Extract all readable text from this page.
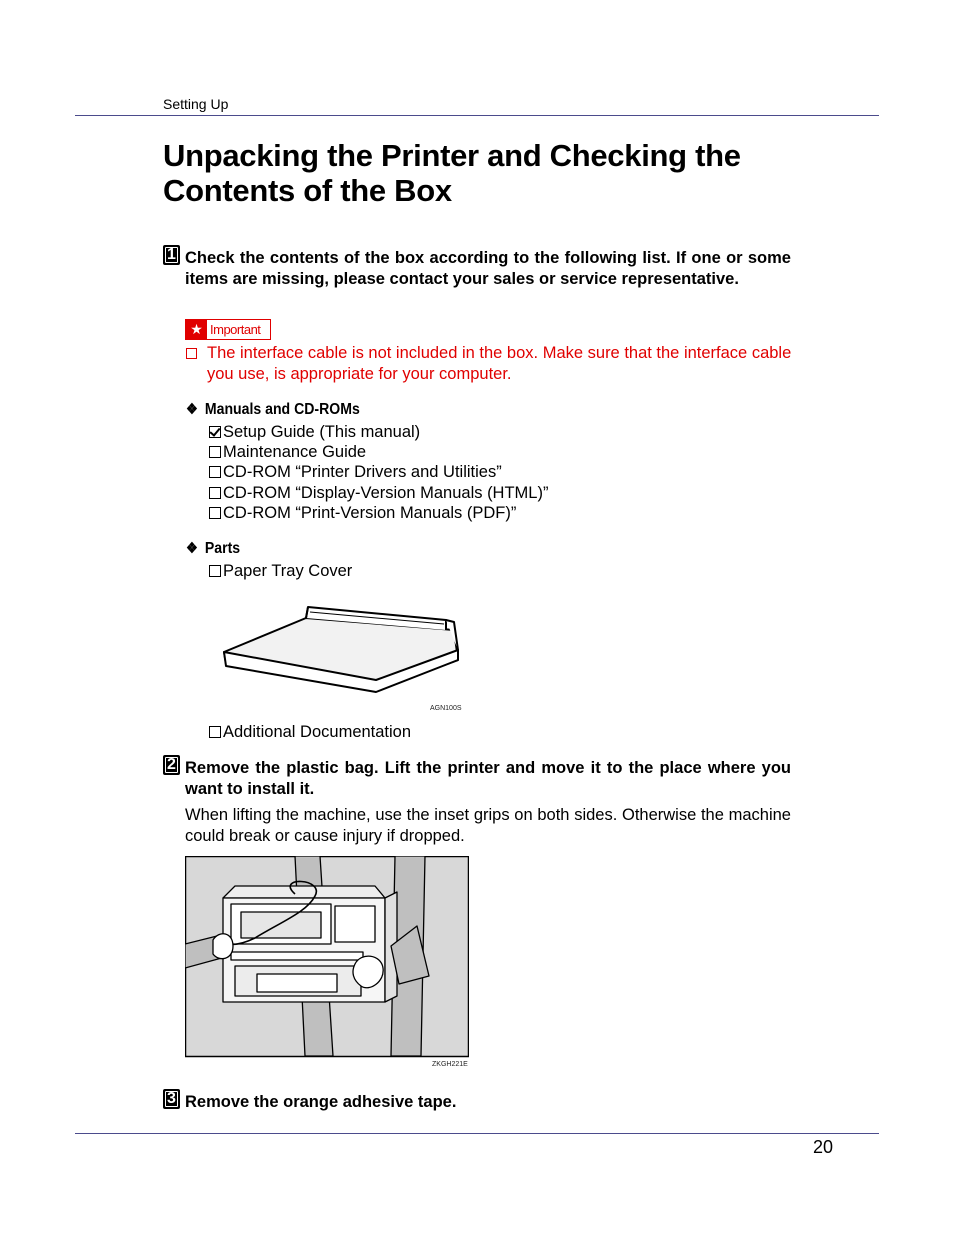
Setting Up
Unpacking the Printer and Checking the Contents of the Box
1 Check the contents of the box according to the following list. If one or some items are missing, please contact your sales or service representative.
★ Important
The interface cable is not included in the box. Make sure that the interface cable you use, is appropriate for your computer.
❖ Manuals and CD-ROMs
Setup Guide (This manual)
Maintenance Guide
CD-ROM “Printer Drivers and Utilities”
CD-ROM “Display-Version Manuals (HTML)”
CD-ROM “Print-Version Manuals (PDF)”
❖ Parts
Paper Tray Cover
AGN100S
Additional Documentation
2 Remove the plastic bag. Lift the printer and move it to the place where you want to install it.
When lifting the machine, use the inset grips on both sides. Otherwise the machine could break or cause injury if dropped.
ZKGH221E
3 Remove the orange adhesive tape.
20
